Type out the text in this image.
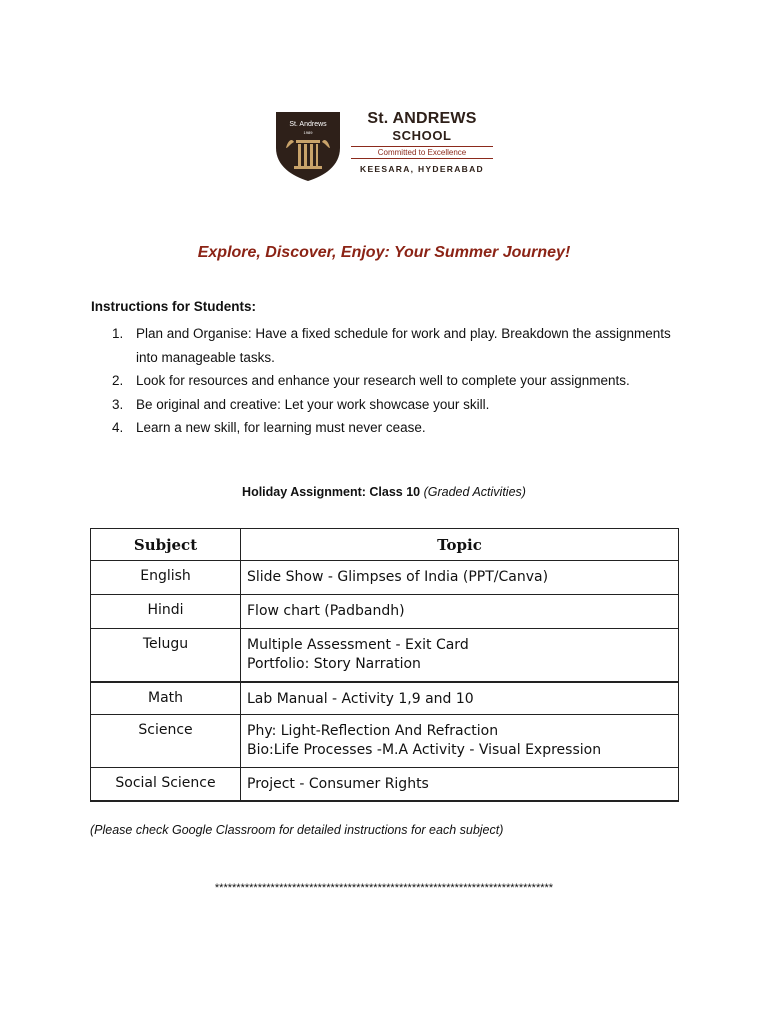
St. Andrews
1989
St. ANDREWS
SCHOOL
Committed to Excellence
KEESARA, HYDERABAD
Explore, Discover, Enjoy: Your Summer Journey!
Instructions for Students:
1. Plan and Organise: Have a fixed schedule for work and play. Breakdown the assignments into manageable tasks.
2. Look for resources and enhance your research well to complete your assignments.
3. Be original and creative: Let your work showcase your skill.
4. Learn a new skill, for learning must never cease.
Holiday Assignment: Class 10 (Graded Activities)
Subject	Topic
English	Slide Show - Glimpses of India (PPT/Canva)

Hindi	Flow chart (Padbandh)

Telugu	Multiple Assessment - Exit Card
Portfolio: Story Narration

Math	Lab Manual - Activity 1,9 and 10

Science	Phy: Light-Reflection And Refraction
Bio:Life Processes -M.A Activity - Visual Expression

Social Science	Project - Consumer Rights
(Please check Google Classroom for detailed instructions for each subject)
*******************************************************************************
